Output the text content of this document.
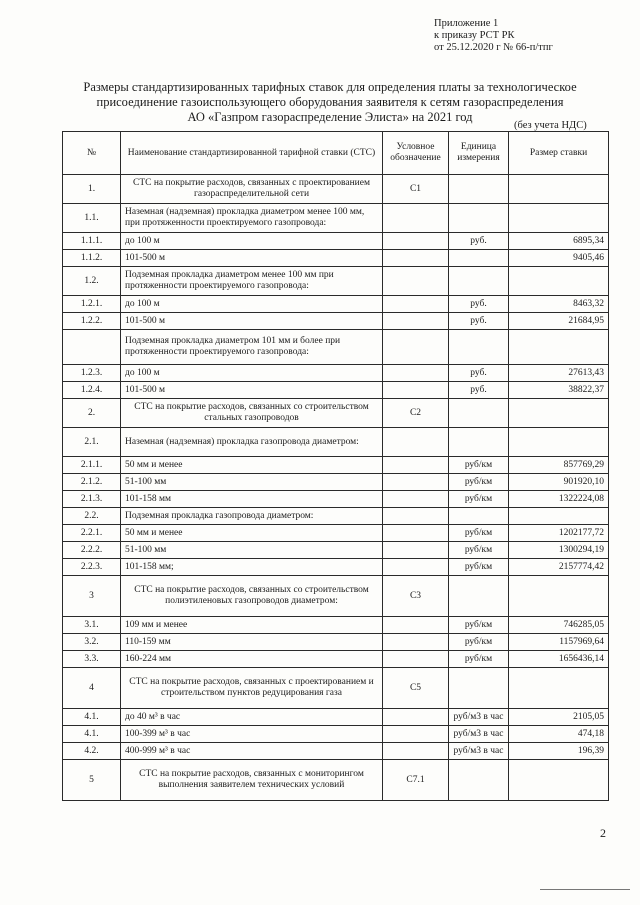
Приложение 1
к приказу РСТ РК
от 25.12.2020 г № 66-п/тпг
Размеры стандартизированных тарифных ставок для определения платы за технологическое
присоединение газоиспользующего оборудования заявителя к сетям газораспределения
АО «Газпром газораспределение Элиста» на 2021 год
(без учета НДС)
№	Наименование стандартизированной тарифной ставки (СТС)	Условное обозначение	Единица измерения	Размер ставки
1.	СТС на покрытие расходов, связанных с проектированием газораспределительной сети	С1		
1.1.	Наземная (надземная) прокладка диаметром менее 100 мм, при протяженности проектируемого газопровода:			
1.1.1.	до 100 м		руб.	6895,34
1.1.2.	101-500 м			9405,46
1.2.	Подземная прокладка диаметром менее 100 мм при протяженности проектируемого газопровода:			
1.2.1.	до 100 м		руб.	8463,32
1.2.2.	101-500 м		руб.	21684,95
	Подземная прокладка диаметром 101 мм и более при протяженности проектируемого газопровода:			
1.2.3.	до 100 м		руб.	27613,43
1.2.4.	101-500 м		руб.	38822,37
2.	СТС на покрытие расходов, связанных со строительством стальных газопроводов	С2		
2.1.	Наземная (надземная) прокладка газопровода диаметром:			
2.1.1.	50 мм и менее		руб/км	857769,29
2.1.2.	51-100 мм		руб/км	901920,10
2.1.3.	101-158 мм		руб/км	1322224,08
2.2.	Подземная прокладка газопровода диаметром:			
2.2.1.	50 мм и менее		руб/км	1202177,72
2.2.2.	51-100 мм		руб/км	1300294,19
2.2.3.	101-158 мм;		руб/км	2157774,42
3	СТС на покрытие расходов, связанных со строительством полиэтиленовых газопроводов диаметром:	С3		
3.1.	109 мм и менее		руб/км	746285,05
3.2.	110-159 мм		руб/км	1157969,64
3.3.	160-224 мм		руб/км	1656436,14
4	СТС на покрытие расходов, связанных с проектированием и строительством пунктов редуцирования газа	С5		
4.1.	до 40 м³ в час		руб/м3 в час	2105,05
4.1.	100-399 м³ в час		руб/м3 в час	474,18
4.2.	400-999 м³ в час		руб/м3 в час	196,39
5	СТС на покрытие расходов, связанных с мониторингом выполнения заявителем технических условий	С7.1		
2
